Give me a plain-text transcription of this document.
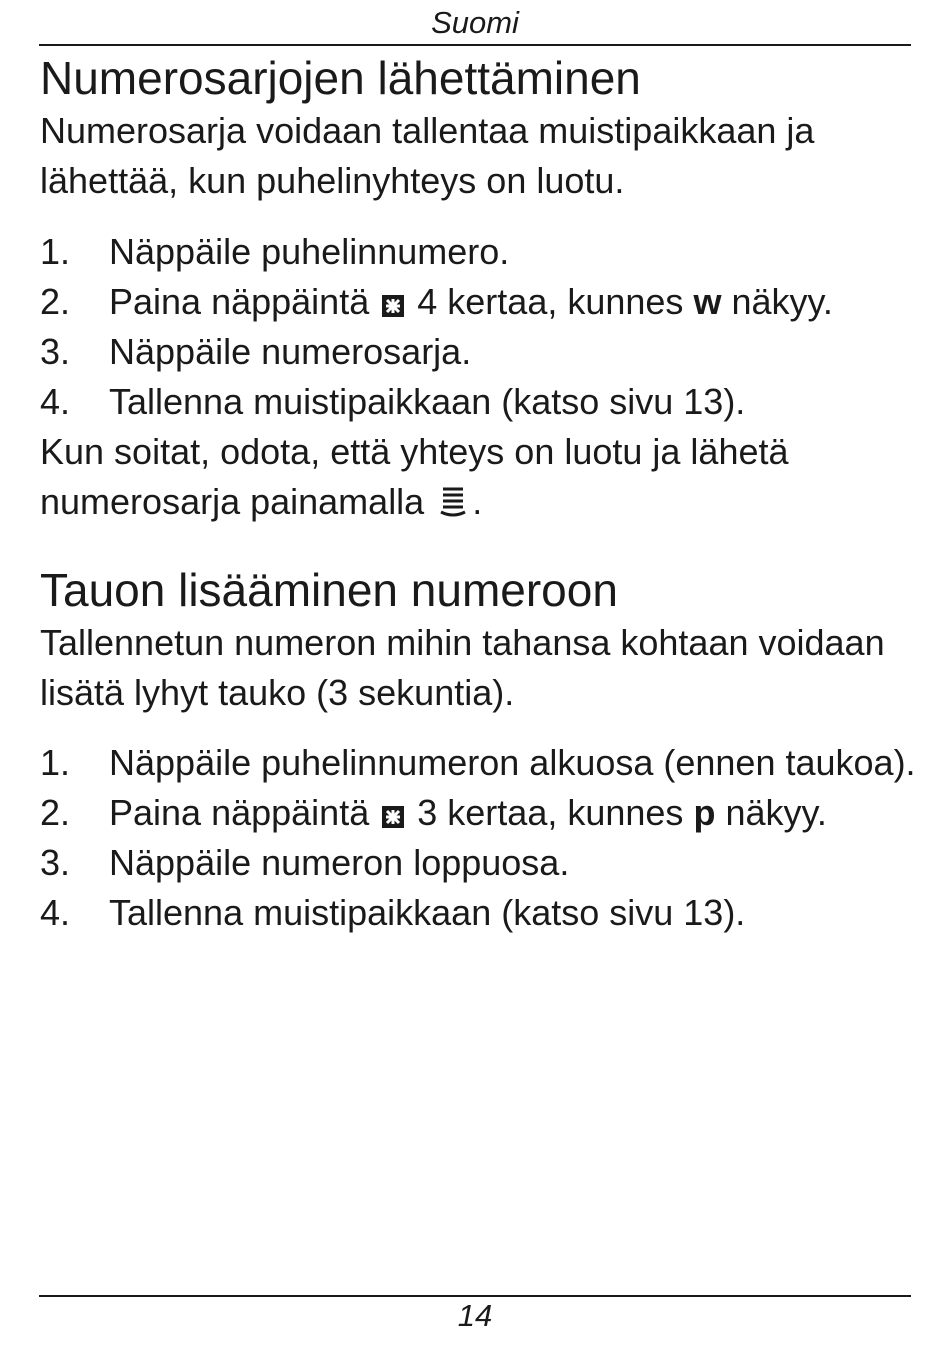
Suomi
Numerosarjojen lähettäminen

Numerosarja voidaan tallentaa muistipaikkaan ja lähettää, kun puhelinyhteys on luotu.

1.	Näppäile puhelinnumero.
2.	Paina näppäintä 4 kertaa, kunnes w näkyy.
3.	Näppäile numerosarja.
4.	Tallenna muistipaikkaan (katso sivu 13).

Kun soitat, odota, että yhteys on luotu ja lähetä numerosarja painamalla .

Tauon lisääminen numeroon

Tallennetun numeron mihin tahansa kohtaan voidaan lisätä lyhyt tauko (3 sekuntia).

1.	Näppäile puhelinnumeron alkuosa (ennen taukoa).
2.	Paina näppäintä 3 kertaa, kunnes p näkyy.
3.	Näppäile numeron loppuosa.
4.	Tallenna muistipaikkaan (katso sivu 13).
14
